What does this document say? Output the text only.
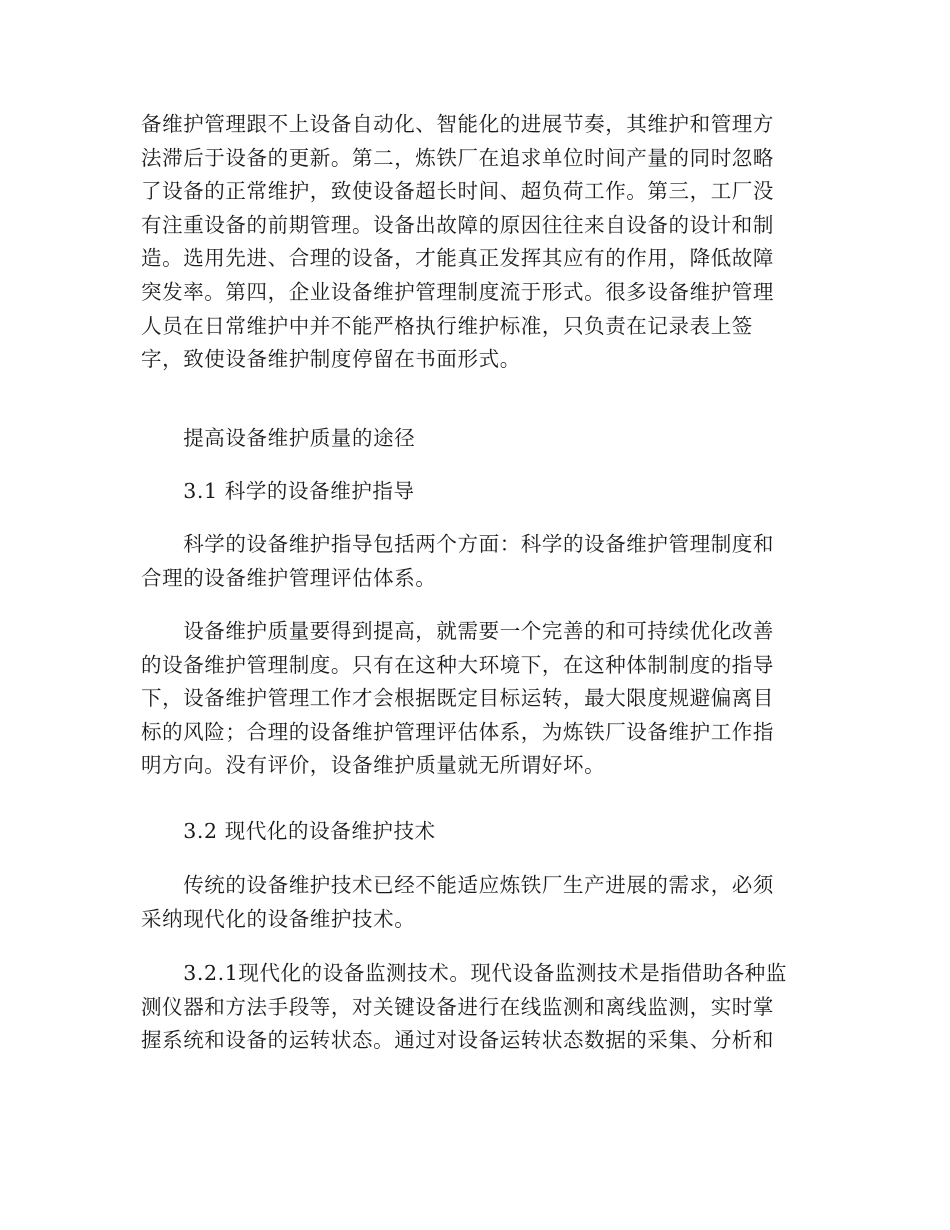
备维护管理跟不上设备自动化、智能化的进展节奏，其维护和管理方
法滞后于设备的更新。第二，炼铁厂在追求单位时间产量的同时忽略
了设备的正常维护，致使设备超长时间、超负荷工作。第三，工厂没
有注重设备的前期管理。设备出故障的原因往往来自设备的设计和制
造。选用先进、合理的设备，才能真正发挥其应有的作用，降低故障
突发率。第四，企业设备维护管理制度流于形式。很多设备维护管理
人员在日常维护中并不能严格执行维护标准，只负责在记录表上签
字，致使设备维护制度停留在书面形式。
　　提高设备维护质量的途径
　　3.1 科学的设备维护指导
　　科学的设备维护指导包括两个方面：科学的设备维护管理制度和
合理的设备维护管理评估体系。
　　设备维护质量要得到提高，就需要一个完善的和可持续优化改善
的设备维护管理制度。只有在这种大环境下，在这种体制制度的指导
下，设备维护管理工作才会根据既定目标运转，最大限度规避偏离目
标的风险；合理的设备维护管理评估体系，为炼铁厂设备维护工作指
明方向。没有评价，设备维护质量就无所谓好坏。
　　3.2 现代化的设备维护技术
　　传统的设备维护技术已经不能适应炼铁厂生产进展的需求，必须
采纳现代化的设备维护技术。
　　3.2.1现代化的设备监测技术。现代设备监测技术是指借助各种监
测仪器和方法手段等，对关键设备进行在线监测和离线监测，实时掌
握系统和设备的运转状态。通过对设备运转状态数据的采集、分析和
